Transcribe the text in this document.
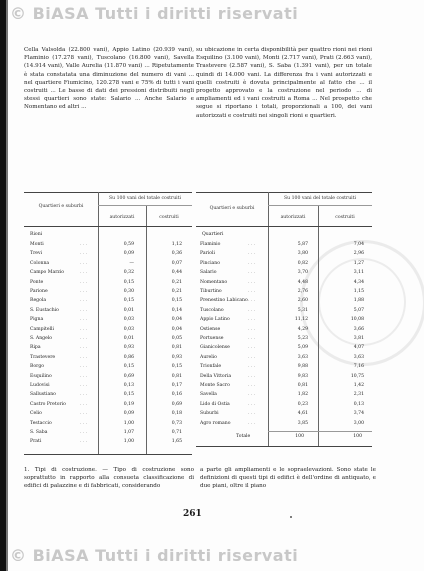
© BiASA Tutti i diritti riservati
Cella Valsolda (22.800 vani), Appio Latino (20.939 vani), Flaminio (17.278 vani), Tuscolano (16.800 vani), Savella (14.914 vani), Valle Aurelia (11.870 vani) ... Ripetutamente è stata constatata una diminuzione del numero di vani ... nel quartiere Fiumicino, 120.278 vani e 75% di tutti i vani costruiti ... Le basse di dati dei pressioni distribuiti negli stessi quartieri sono state: Salario ... Anche Salario e Nomentano ed altri ...
su ubicazione in certa disponibilità per quattro rioni nei rioni Esquilino (3.100 vani), Monti (2.717 vani), Prati (2.663 vani), Trastevere (2.587 vani), S. Saba (1.391 vani), per un totale quindi di 14.000 vani. La differenza fra i vani autorizzati e quelli costruiti è dovuta principalmente al fatto che ... il progetto approvato e la costruzione nel periodo ... di ampliamenti ed i vani costruiti a Roma ... Nel prospetto che segue si riportano i totali, proporzionali a 100, dei vani autorizzati e costruiti nei singoli rioni e quartieri.
Quartieri e suburbi
Su 100 vani del totale costruiti
autorizzati	costruiti
Rioni
Monti	. . .	0,59	1,12
Trevi	. . .	0,09	0,36
Colonna	. . .	—	0,07
Campo Marzio	. . .	0,32	0,44
Ponte	. . .	0,15	0,21
Parione	. . .	0,30	0,21
Regola	. . .	0,15	0,15
S. Eustachio	. . .	0,01	0,14
Pigna	. . .	0,03	0,04
Campitelli	. . .	0,03	0,04
S. Angelo	. . .	0,01	0,05
Ripa	. . .	0,93	0,81
Trastevere	. . .	0,86	0,93
Borgo	. . .	0,15	0,15
Esquilino	. . .	0,69	0,81
Ludovisi	. . .	0,13	0,17
Sallustiano	. . .	0,15	0,16
Castro Pretorio	. . .	0,19	0,69
Celio	. . .	0,09	0,18
Testaccio	. . .	1,00	0,73
S. Saba	. . .	1,07	0,71
Prati	. . .	1,00	1,65
Quartieri e suburbi
Su 100 vani del totale costruiti
autorizzati	costruiti
Quartieri
Flaminio	. . .	5,87	7,04
Parioli	. . .	3,80	2,96
Pinciano	. . .	0,82	1,27
Salario	. . .	3,70	3,11
Nomentano	. . .	4,48	4,34
Tiburtino	. . .	2,76	1,15
Prenestino Labicano . . .	2,60	1,88
Tuscolano	. . .	5,31	5,07
Appio Latino	. . .	11,12	10,08
Ostiense	. . .	4,29	3,66
Portuense	. . .	5,23	3,81
Gianicolense	. . .	5,09	4,07
Aurelio	. . .	3,63	3,63
Trionfale	. . .	9,88	7,16
Della Vittoria	. . .	9,83	10,75
Monte Sacro	. . .	0,81	1,42
Savella	. . .	1,82	2,31
Lido di Ostia	. . .	0,23	0,13
Suburbi	. . .	4,61	3,74
Agro romano	. . .	3,85	3,00
Totale	100	100
1. Tipi di costruzione. — Tipo di costruzione sono soprattutto in rapporto alla consueta classificazione di edifici di palazzine e di fabbricati, considerando
a parte gli ampliamenti e le sopraelevazioni. Sono state le definizioni di questi tipi di edifici è dell'ordine di antiquato, e due piani, oltre il piano
261
© BiASA Tutti i diritti riservati
